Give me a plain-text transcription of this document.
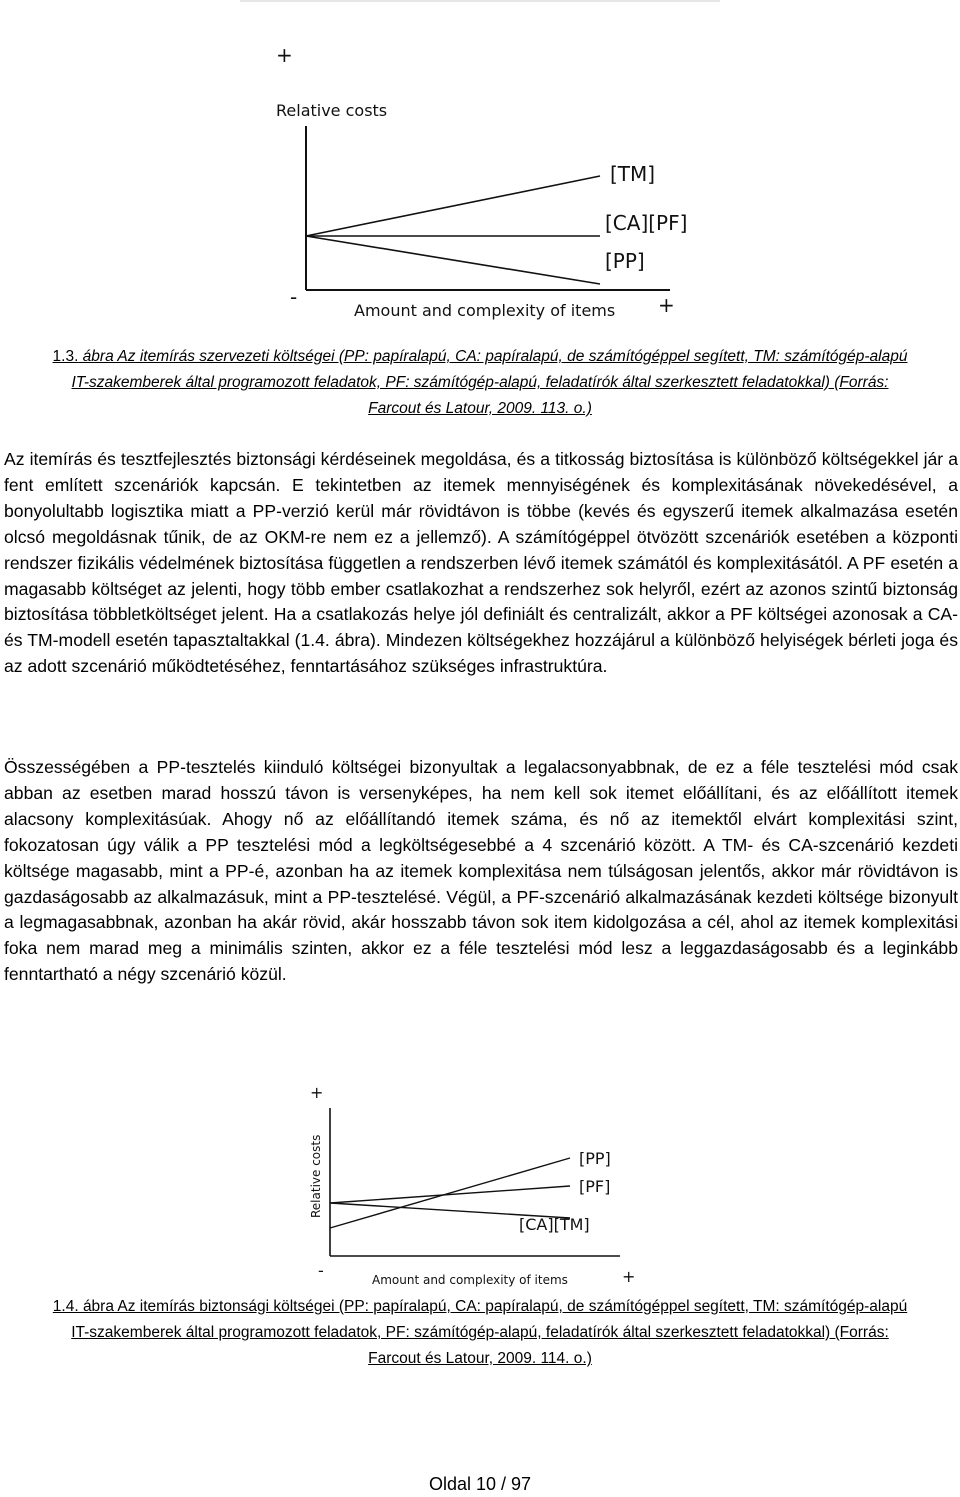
+
Relative costs
[TM]
[CA][PF]
[PP]
-
Amount and complexity of items +
1.3. ábra Az itemírás szervezeti költségei (PP: papíralapú, CA: papíralapú, de számítógéppel segített, TM: számítógép-alapú
IT-szakemberek által programozott feladatok, PF: számítógép-alapú, feladatírók által szerkesztett feladatokkal) (Forrás:
Farcout és Latour, 2009. 113. o.)

Az itemírás és tesztfejlesztés biztonsági kérdéseinek megoldása, és a titkosság biztosítása is különböző költségekkel jár a fent említett szcenáriók kapcsán. E tekintetben az itemek mennyiségének és komplexitásának növekedésével, a bonyolultabb logisztika miatt a PP-verzió kerül már rövidtávon is többe (kevés és egyszerű itemek alkalmazása esetén olcsó megoldásnak tűnik, de az OKM-re nem ez a jellemző). A számítógéppel ötvözött szcenáriók esetében a központi rendszer fizikális védelmének biztosítása független a rendszerben lévő itemek számától és komplexitásától. A PF esetén a magasabb költséget az jelenti, hogy több ember csatlakozhat a rendszerhez sok helyről, ezért az azonos szintű biztonság biztosítása többletköltséget jelent. Ha a csatlakozás helye jól definiált és centralizált, akkor a PF költségei azonosak a CA- és TM-modell esetén tapasztaltakkal (1.4. ábra). Mindezen költségekhez hozzájárul a különböző helyiségek bérleti joga és az adott szcenárió működtetéséhez, fenntartásához szükséges infrastruktúra.

Összességében a PP-tesztelés kiinduló költségei bizonyultak a legalacsonyabbnak, de ez a féle tesztelési mód csak abban az esetben marad hosszú távon is versenyképes, ha nem kell sok itemet előállítani, és az előállított itemek alacsony komplexitásúak. Ahogy nő az előállítandó itemek száma, és nő az itemektől elvárt komplexitási szint, fokozatosan úgy válik a PP tesztelési mód a legköltségesebbé a 4 szcenárió között. A TM- és CA-szcenárió kezdeti költsége magasabb, mint a PP-é, azonban ha az itemek komplexitása nem túlságosan jelentős, akkor már rövidtávon is gazdaságosabb az alkalmazásuk, mint a PP-tesztelésé. Végül, a PF-szcenárió alkalmazásának kezdeti költsége bizonyult a legmagasabbnak, azonban ha akár rövid, akár hosszabb távon sok item kidolgozása a cél, ahol az itemek komplexitási foka nem marad meg a minimális szinten, akkor ez a féle tesztelési mód lesz a leggazdaságosabb és a leginkább fenntartható a négy szcenárió közül.

+
Relative costs	[PP]
[PF]
[CA][TM]
-	Amount and complexity of items	+
1.4. ábra Az itemírás biztonsági költségei (PP: papíralapú, CA: papíralapú, de számítógéppel segített, TM: számítógép-alapú
IT-szakemberek által programozott feladatok, PF: számítógép-alapú, feladatírók által szerkesztett feladatokkal) (Forrás:
Farcout és Latour, 2009. 114. o.)
Oldal 10 / 97
